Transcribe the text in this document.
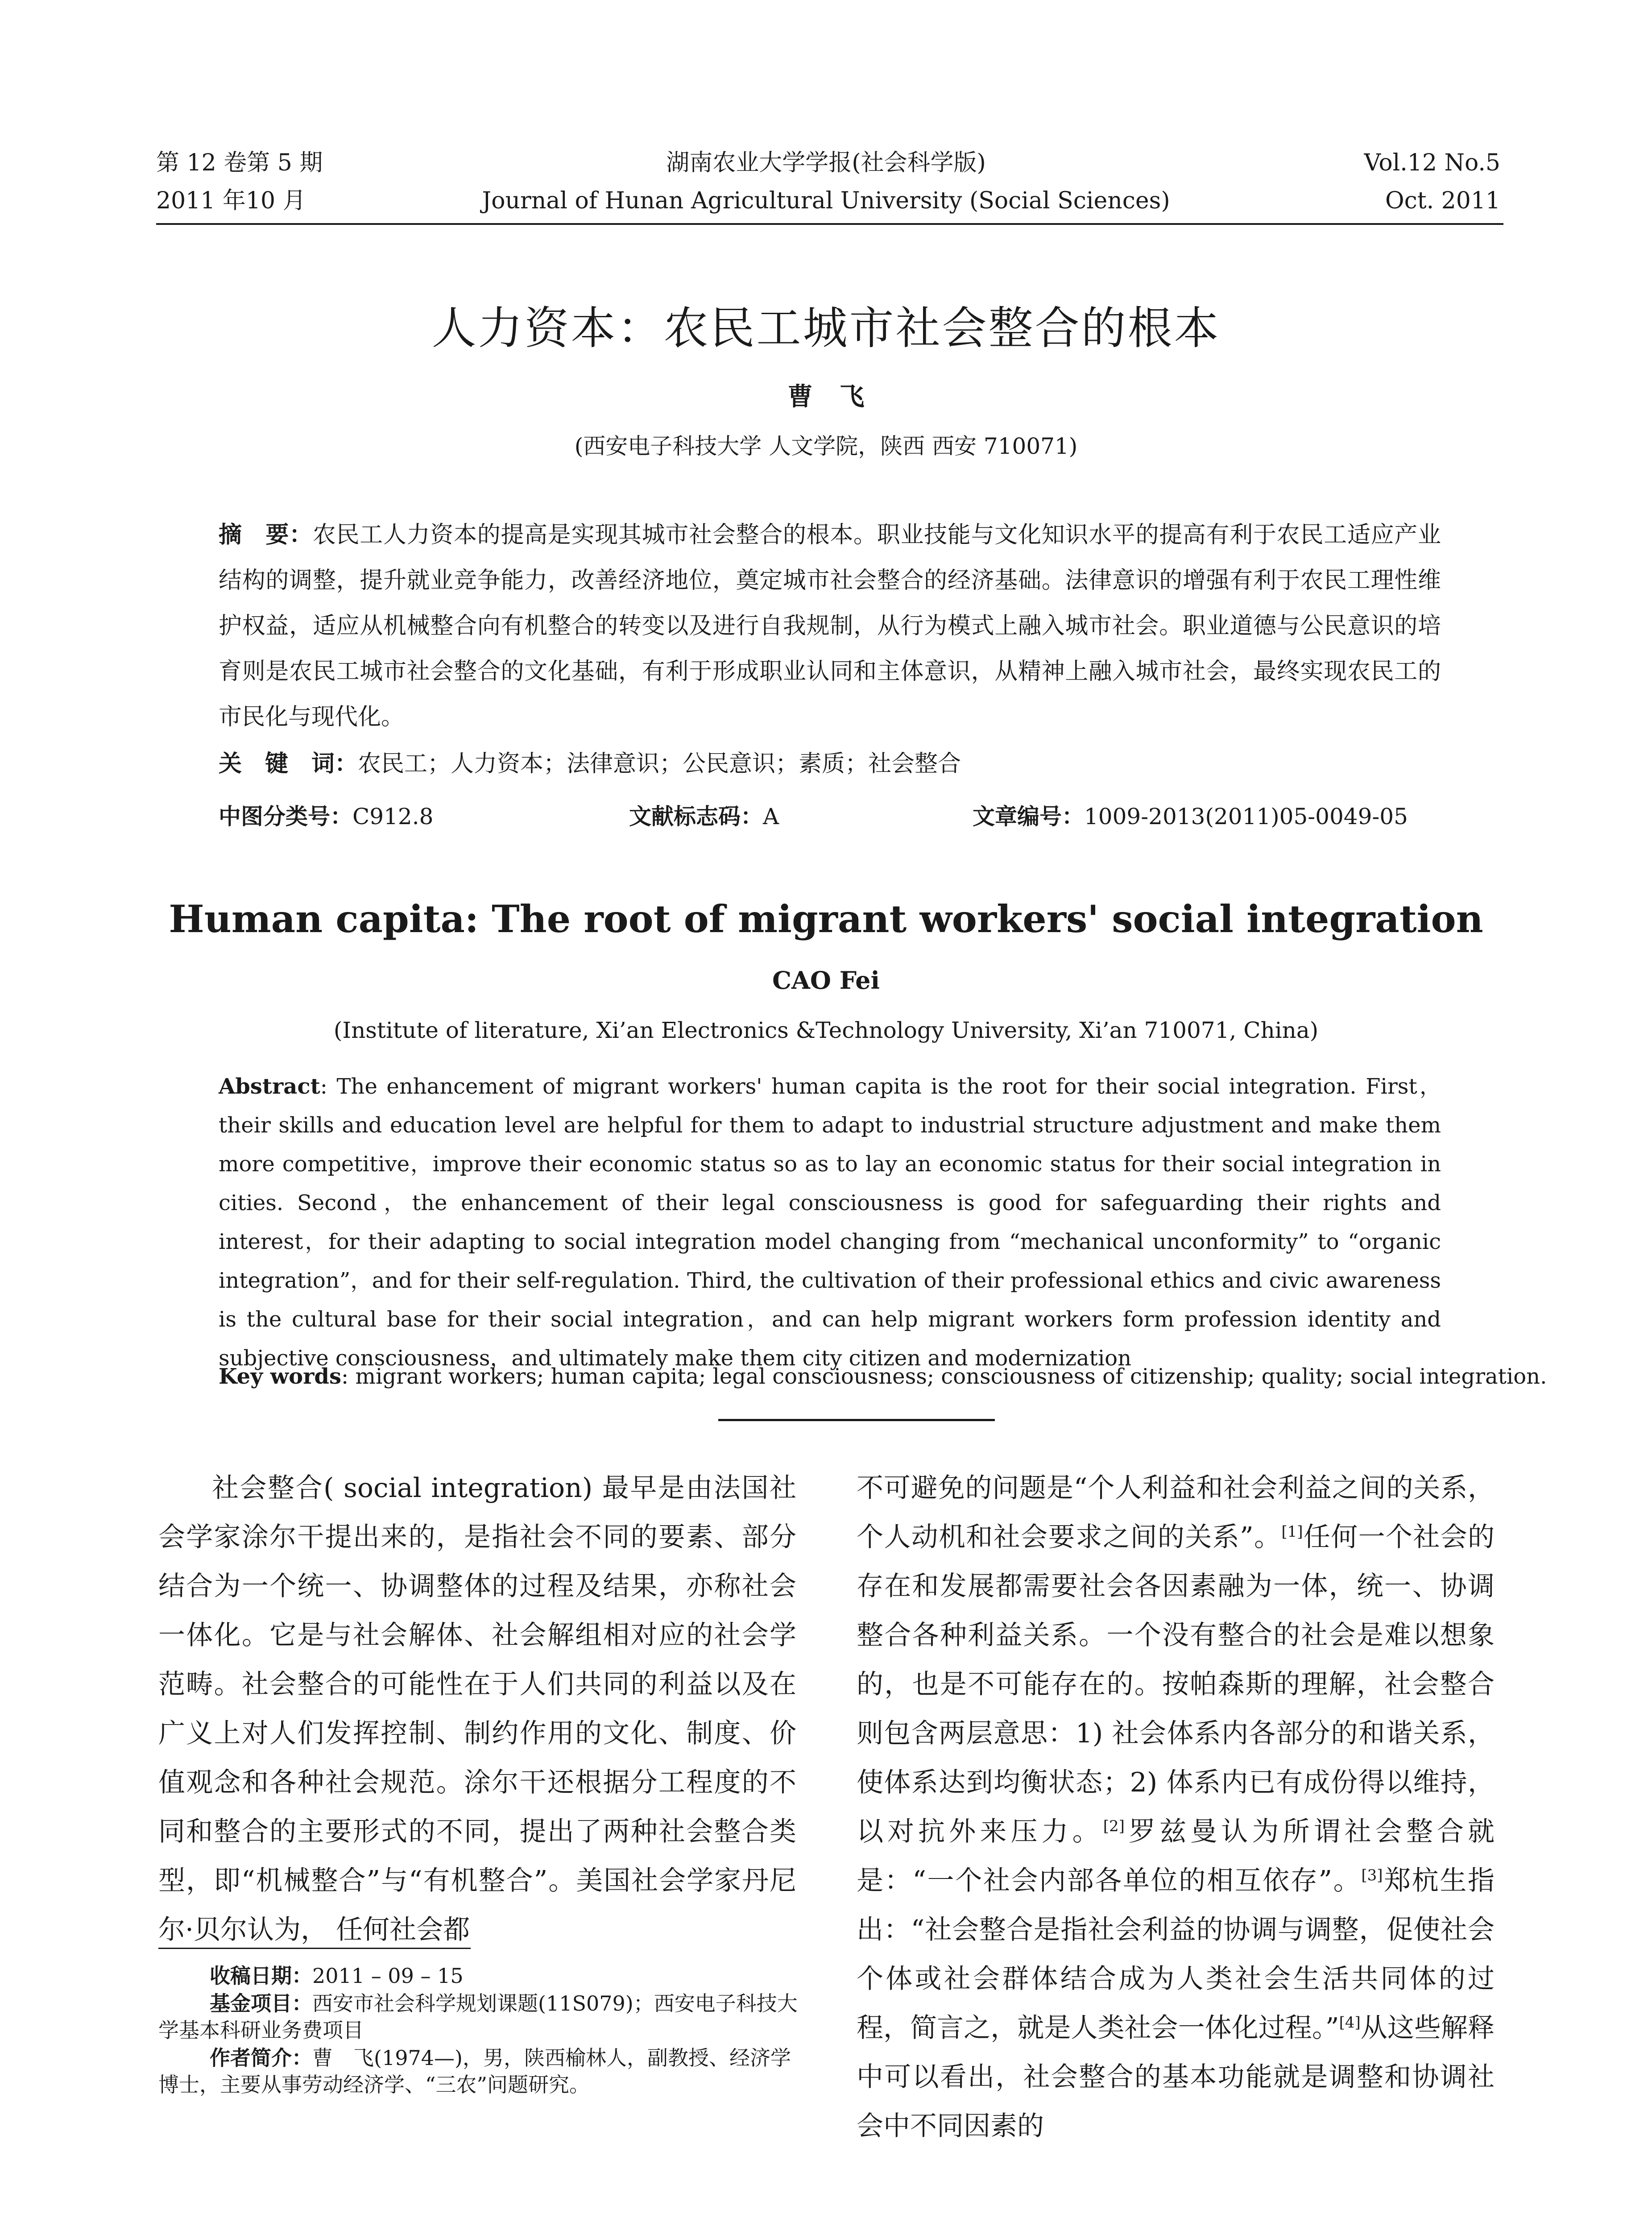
第 12 卷第 5 期
2011 年10 月
湖南农业大学学报(社会科学版)
Journal of Hunan Agricultural University (Social Sciences)
Vol.12 No.5
Oct. 2011
人力资本：农民工城市社会整合的根本
曹飞
(西安电子科技大学 人文学院，陕西 西安 710071)
摘　要：农民工人力资本的提高是实现其城市社会整合的根本。职业技能与文化知识水平的提高有利于农民工适应产业结构的调整，提升就业竞争能力，改善经济地位，奠定城市社会整合的经济基础。法律意识的增强有利于农民工理性维护权益，适应从机械整合向有机整合的转变以及进行自我规制，从行为模式上融入城市社会。职业道德与公民意识的培育则是农民工城市社会整合的文化基础，有利于形成职业认同和主体意识，从精神上融入城市社会，最终实现农民工的市民化与现代化。
关　键　词：农民工；人力资本；法律意识；公民意识；素质；社会整合
中图分类号：C912.8	文献标志码：A	文章编号：1009-2013(2011)05-0049-05
Human capita: The root of migrant workers' social integration
CAO Fei
(Institute of literature, Xi’an Electronics &Technology University, Xi’an 710071, China)
Abstract: The enhancement of migrant workers' human capita is the root for their social integration. First，their skills and education level are helpful for them to adapt to industrial structure adjustment and make them more competitive，improve their economic status so as to lay an economic status for their social integration in cities. Second，the enhancement of their legal consciousness is good for safeguarding their rights and interest，for their adapting to social integration model changing from “mechanical unconformity” to “organic integration”，and for their self-regulation. Third, the cultivation of their professional ethics and civic awareness is the cultural base for their social integration，and can help migrant workers form profession identity and subjective consciousness，and ultimately make them city citizen and modernization
Key words: migrant workers; human capita; legal consciousness; consciousness of citizenship; quality; social integration.
社会整合( social integration) 最早是由法国社会学家涂尔干提出来的，是指社会不同的要素、部分结合为一个统一、协调整体的过程及结果，亦称社会一体化。它是与社会解体、社会解组相对应的社会学范畴。社会整合的可能性在于人们共同的利益以及在广义上对人们发挥控制、制约作用的文化、制度、价值观念和各种社会规范。涂尔干还根据分工程度的不同和整合的主要形式的不同，提出了两种社会整合类型，即“机械整合”与“有机整合”。美国社会学家丹尼尔·贝尔认为， 任何社会都
不可避免的问题是“个人利益和社会利益之间的关系， 个人动机和社会要求之间的关系”。[1]任何一个社会的存在和发展都需要社会各因素融为一体，统一、协调整合各种利益关系。一个没有整合的社会是难以想象的，也是不可能存在的。按帕森斯的理解，社会整合则包含两层意思：1) 社会体系内各部分的和谐关系，使体系达到均衡状态；2) 体系内已有成份得以维持，以对抗外来压力。[2]罗兹曼认为所谓社会整合就是：“一个社会内部各单位的相互依存”。[3]郑杭生指出：“社会整合是指社会利益的协调与调整，促使社会个体或社会群体结合成为人类社会生活共同体的过程，简言之，就是人类社会一体化过程。”[4]从这些解释中可以看出，社会整合的基本功能就是调整和协调社会中不同因素的

收稿日期：2011 – 09 – 15

基金项目：西安市社会科学规划课题(11S079)；西安电子科技大学基本科研业务费项目

作者简介：曹　飞(1974—)，男，陕西榆林人，副教授、经济学博士，主要从事劳动经济学、“三农”问题研究。
